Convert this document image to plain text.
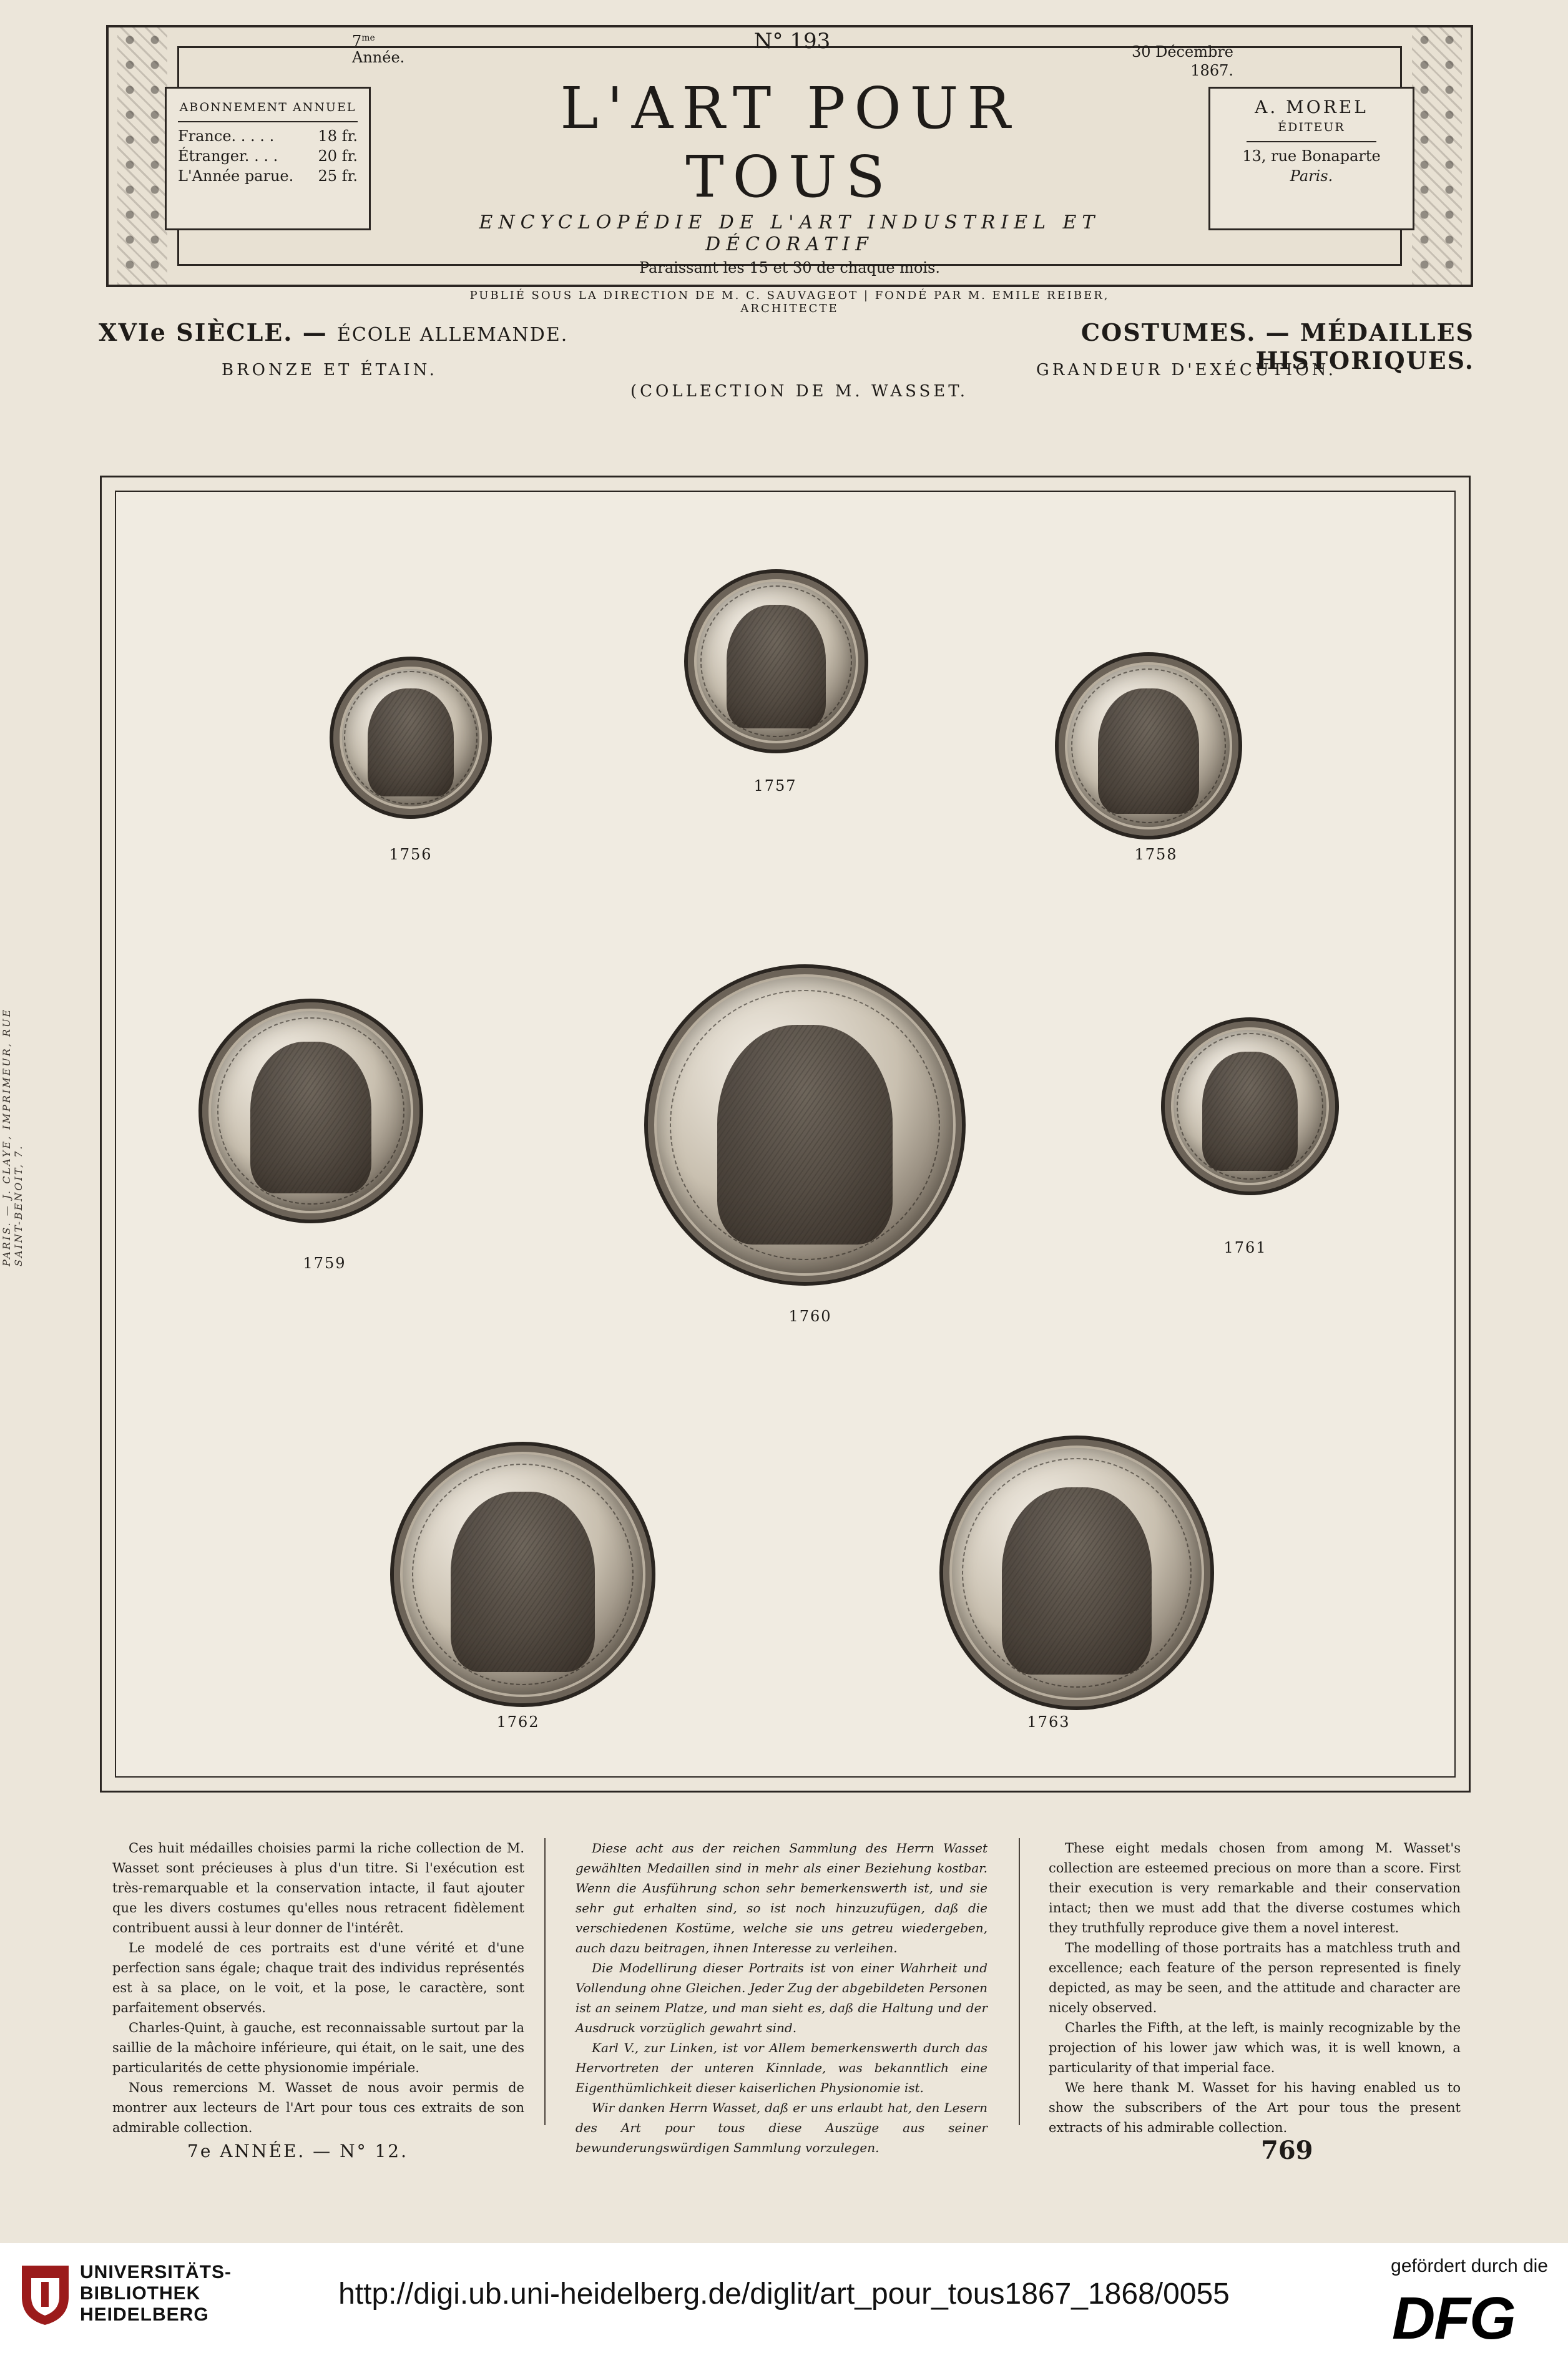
$7^{me}$
Année.
N° 193	30 Décembre
1867.
ABONNEMENT ANNUEL
France. . . . .	18 fr.
Étranger. . . .	20 fr.
L'Année parue. 25 fr.
A. MOREL
ÉDITEUR
13, rue Bonaparte
Paris.
L'ART POUR TOUS
ENCYCLOPÉDIE DE L'ART INDUSTRIEL ET DÉCORATIF
Paraissant les 15 et 30 de chaque mois.
PUBLIÉ SOUS LA DIRECTION DE M. C. SAUVAGEOT | FONDÉ PAR M. EMILE REIBER, ARCHITECTE
XVIe SIÈCLE. — ÉCOLE ALLEMANDE.
BRONZE ET ÉTAIN.
COSTUMES. — MÉDAILLES HISTORIQUES.
GRANDEUR D'EXÉCUTION.
(COLLECTION DE M. WASSET.
1756
1757
1758
1759
1760
1761
1762	1763

Ces huit médailles choisies parmi la riche collection de M. Wasset sont précieuses à plus d'un titre. Si l'exécution est très-remarquable et la conservation intacte, il faut ajouter que les divers costumes qu'elles nous retracent fidèlement contribuent aussi à leur donner de l'intérêt.

Le modelé de ces portraits est d'une vérité et d'une perfection sans égale; chaque trait des individus représentés est à sa place, on le voit, et la pose, le caractère, sont parfaitement observés.

Charles-Quint, à gauche, est reconnaissable surtout par la saillie de la mâchoire inférieure, qui était, on le sait, une des particularités de cette physionomie impériale.

Nous remercions M. Wasset de nous avoir permis de montrer aux lecteurs de l'Art pour tous ces extraits de son admirable collection.

Diese acht aus der reichen Sammlung des Herrn Wasset gewählten Medaillen sind in mehr als einer Beziehung kostbar. Wenn die Ausführung schon sehr bemerkenswerth ist, und sie sehr gut erhalten sind, so ist noch hinzuzufügen, daß die verschiedenen Kostüme, welche sie uns getreu wiedergeben, auch dazu beitragen, ihnen Interesse zu verleihen.

Die Modellirung dieser Portraits ist von einer Wahrheit und Vollendung ohne Gleichen. Jeder Zug der abgebildeten Personen ist an seinem Platze, und man sieht es, daß die Haltung und der Ausdruck vorzüglich gewahrt sind.

Karl V., zur Linken, ist vor Allem bemerkenswerth durch das Hervortreten der unteren Kinnlade, was bekanntlich eine Eigenthümlichkeit dieser kaiserlichen Physionomie ist.

Wir danken Herrn Wasset, daß er uns erlaubt hat, den Lesern des Art pour tous diese Auszüge aus seiner bewunderungswürdigen Sammlung vorzulegen.

These eight medals chosen from among M. Wasset's collection are esteemed precious on more than a score. First their execution is very remarkable and their conservation intact; then we must add that the diverse costumes which they truthfully reproduce give them a novel interest.

The modelling of those portraits has a matchless truth and excellence; each feature of the person represented is finely depicted, as may be seen, and the attitude and character are nicely observed.

Charles the Fifth, at the left, is mainly recognizable by the projection of his lower jaw which was, it is well known, a particularity of that imperial face.

We here thank M. Wasset for his having enabled us to show the subscribers of the Art pour tous the present extracts of his admirable collection.

7e ANNÉE. — N° 12.	769
PARIS. — J. CLAYE, IMPRIMEUR, RUE SAINT-BENOIT, 7.
UNIVERSITÄTS-
BIBLIOTHEK
HEIDELBERG
http://digi.ub.uni-heidelberg.de/diglit/art_pour_tous1867_1868/0055
gefördert durch die
DFG
